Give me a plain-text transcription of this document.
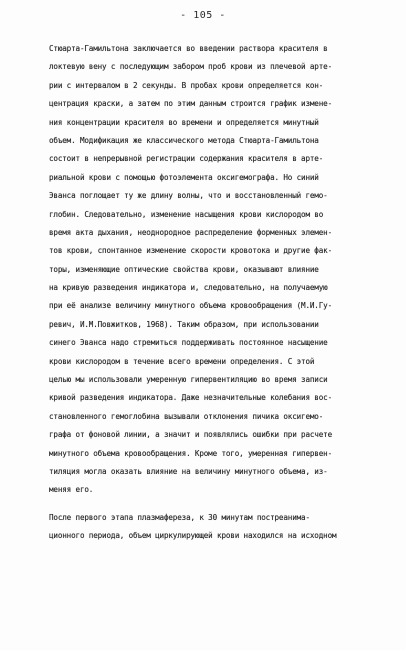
- 105 -
Стюарта-Гамильтона заключается во введении раствора красителя в
локтевую вену с последующим забором проб крови из плечевой арте-
рии с интервалом в 2 секунды. В пробах крови определяется кон-
центрация краски, а затем по этим данным строится график измене-
ния концентрации красителя во времени и определяется минутный
объем. Модификация же классического метода Стюарта-Гамильтона
состоит в непрерывной регистрации содержания красителя в арте-
риальной крови с помощью фотоэлемента оксигемографа. Но синий
Эванса поглощает ту же длину волны, что и восстановленный гемо-
глобин. Следовательно, изменение насыщения крови кислородом во
время акта дыхания, неоднородное распределение форменных элемен-
тов крови, спонтанное изменение скорости кровотока и другие фак-
торы, изменяющие оптические свойства крови, оказывают влияние
на кривую разведения индикатора и, следовательно, на получаемую
при её анализе величину минутного объема кровообращения (М.И.Гу-
ревич, И.М.Повжитков, 1968). Таким образом, при использовании
синего Эванса надо стремиться поддерживать постоянное насыщение
крови кислородом в течение всего времени определения. С этой
целью мы использовали умеренную гипервентиляцию во время записи
кривой разведения индикатора. Даже незначительные колебания вос-
становленного гемоглобина вызывали отклонения пичика оксигемо-
графа от фоновой линии, а значит и появлялись ошибки при расчете
минутного объема кровообращения. Кроме того, умеренная гипервен-
тиляция могла оказать влияние на величину минутного объема, из-
меняя его.
После первого этапа плазмафереза, к 30 минутам постреанима-
ционного периода, объем циркулирующей крови находился на исходном
